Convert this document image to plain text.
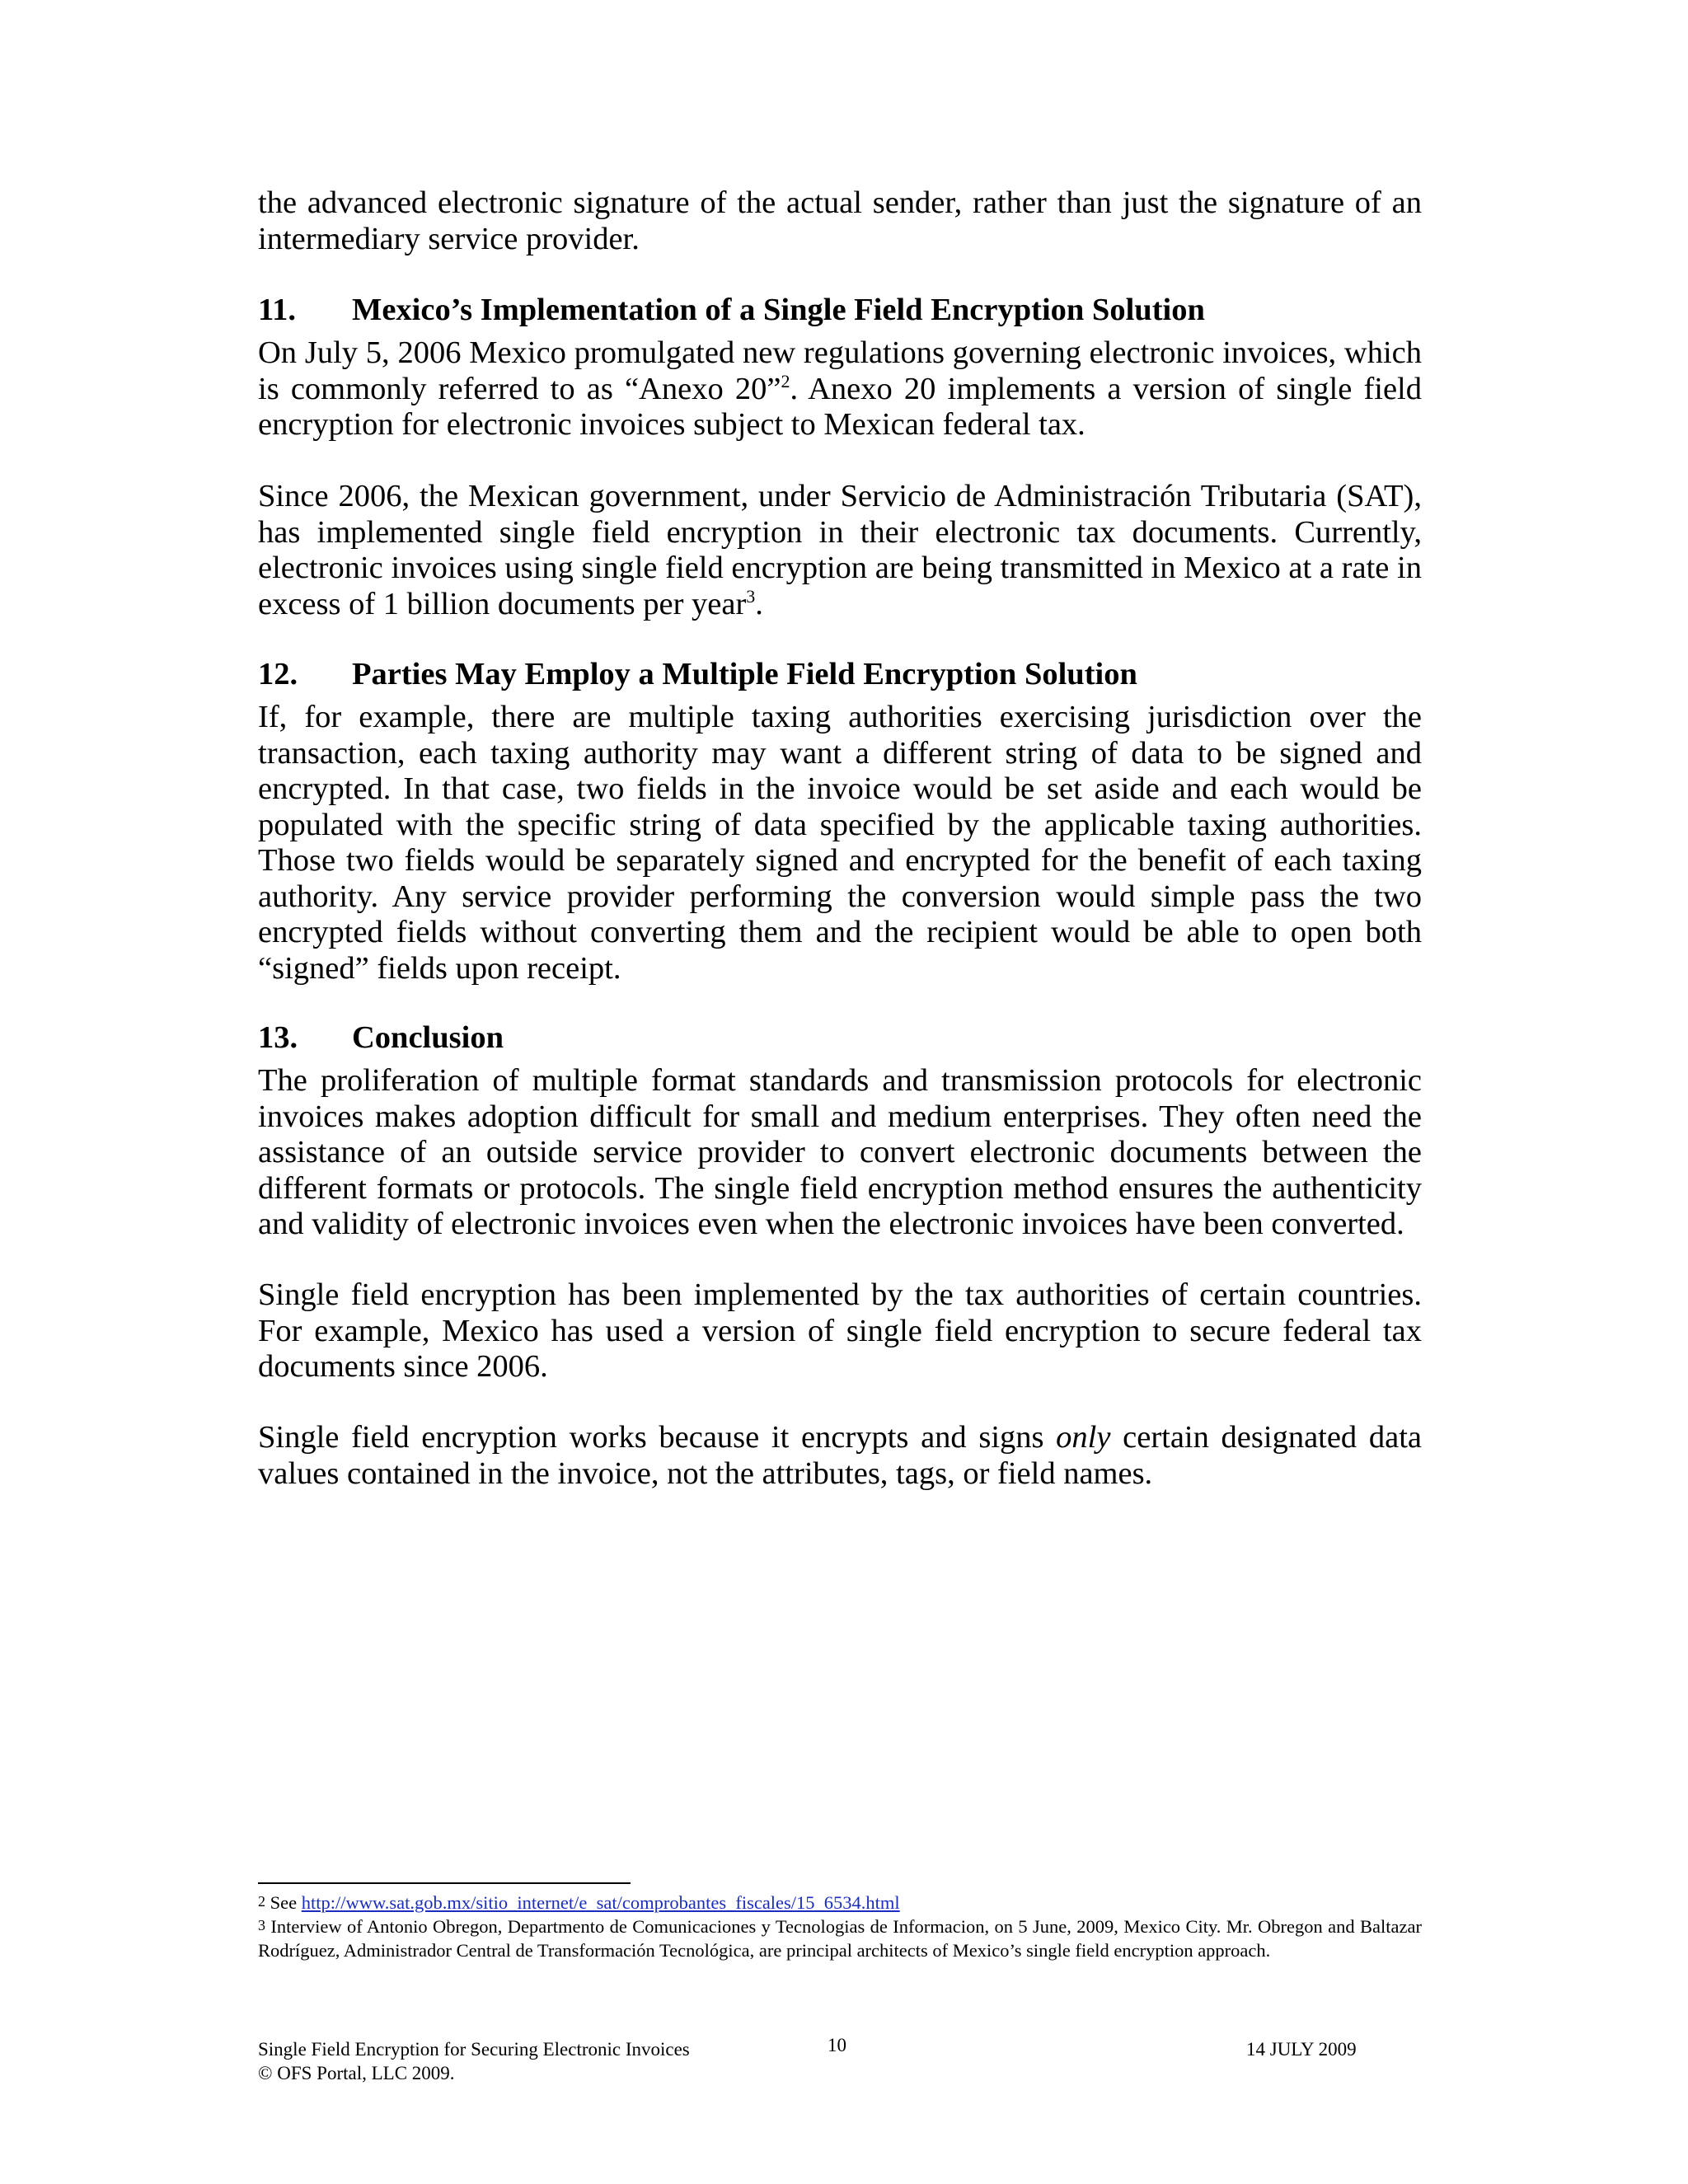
the advanced electronic signature of the actual sender, rather than just the signature of an intermediary service provider.

11. Mexico’s Implementation of a Single Field Encryption Solution

On July 5, 2006 Mexico promulgated new regulations governing electronic invoices, which is commonly referred to as “Anexo 20”$^2$. Anexo 20 implements a version of single field encryption for electronic invoices subject to Mexican federal tax.

Since 2006, the Mexican government, under Servicio de Administración Tributaria (SAT), has implemented single field encryption in their electronic tax documents. Currently, electronic invoices using single field encryption are being transmitted in Mexico at a rate in excess of 1 billion documents per year$^3$.

12. Parties May Employ a Multiple Field Encryption Solution

If, for example, there are multiple taxing authorities exercising jurisdiction over the transaction, each taxing authority may want a different string of data to be signed and encrypted. In that case, two fields in the invoice would be set aside and each would be populated with the specific string of data specified by the applicable taxing authorities. Those two fields would be separately signed and encrypted for the benefit of each taxing authority. Any service provider performing the conversion would simple pass the two encrypted fields without converting them and the recipient would be able to open both “signed” fields upon receipt.

13. Conclusion

The proliferation of multiple format standards and transmission protocols for electronic invoices makes adoption difficult for small and medium enterprises. They often need the assistance of an outside service provider to convert electronic documents between the different formats or protocols. The single field encryption method ensures the authenticity and validity of electronic invoices even when the electronic invoices have been converted.

Single field encryption has been implemented by the tax authorities of certain countries. For example, Mexico has used a version of single field encryption to secure federal tax documents since 2006.

Single field encryption works because it encrypts and signs only certain designated data values contained in the invoice, not the attributes, tags, or field names.

2 See http://www.sat.gob.mx/sitio_internet/e_sat/comprobantes_fiscales/15_6534.html

3 Interview of Antonio Obregon, Departmento de Comunicaciones y Tecnologias de Informacion, on 5 June, 2009, Mexico City. Mr. Obregon and Baltazar Rodríguez, Administrador Central de Transformación Tecnológica, are principal architects of Mexico’s single field encryption approach.

Single Field Encryption for Securing Electronic Invoices

© OFS Portal, LLC 2009.

10	14 JULY 2009
